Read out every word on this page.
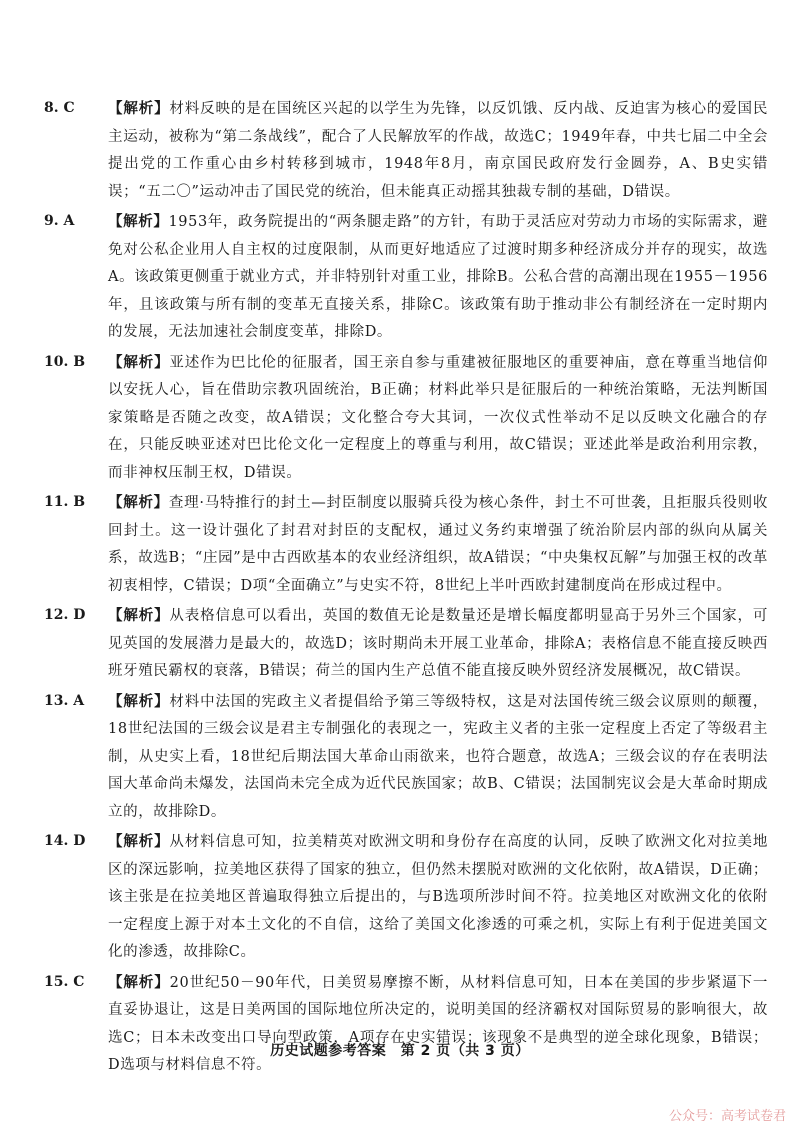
8. C	【解析】材料反映的是在国统区兴起的以学生为先锋，以反饥饿、反内战、反迫害为核心的爱国民主运动，被称为“第二条战线”，配合了人民解放军的作战，故选C；1949年春，中共七届二中全会提出党的工作重心由乡村转移到城市，1948年8月，南京国民政府发行金圆券，A、B史实错误；“五二〇”运动冲击了国民党的统治，但未能真正动摇其独裁专制的基础，D错误。
9. A	【解析】1953年，政务院提出的“两条腿走路”的方针，有助于灵活应对劳动力市场的实际需求，避免对公私企业用人自主权的过度限制，从而更好地适应了过渡时期多种经济成分并存的现实，故选A。该政策更侧重于就业方式，并非特别针对重工业，排除B。公私合营的高潮出现在1955－1956年，且该政策与所有制的变革无直接关系，排除C。该政策有助于推动非公有制经济在一定时期内的发展，无法加速社会制度变革，排除D。
10. B	【解析】亚述作为巴比伦的征服者，国王亲自参与重建被征服地区的重要神庙，意在尊重当地信仰以安抚人心，旨在借助宗教巩固统治，B正确；材料此举只是征服后的一种统治策略，无法判断国家策略是否随之改变，故A错误；文化整合夸大其词，一次仪式性举动不足以反映文化融合的存在，只能反映亚述对巴比伦文化一定程度上的尊重与利用，故C错误；亚述此举是政治利用宗教，而非神权压制王权，D错误。
11. B	【解析】查理·马特推行的封土—封臣制度以服骑兵役为核心条件，封土不可世袭，且拒服兵役则收回封土。这一设计强化了封君对封臣的支配权，通过义务约束增强了统治阶层内部的纵向从属关系，故选B；“庄园”是中古西欧基本的农业经济组织，故A错误；“中央集权瓦解”与加强王权的改革初衷相悖，C错误；D项“全面确立”与史实不符，8世纪上半叶西欧封建制度尚在形成过程中。
12. D	【解析】从表格信息可以看出，英国的数值无论是数量还是增长幅度都明显高于另外三个国家，可见英国的发展潜力是最大的，故选D；该时期尚未开展工业革命，排除A；表格信息不能直接反映西班牙殖民霸权的衰落，B错误；荷兰的国内生产总值不能直接反映外贸经济发展概况，故C错误。
13. A	【解析】材料中法国的宪政主义者提倡给予第三等级特权，这是对法国传统三级会议原则的颠覆，18世纪法国的三级会议是君主专制强化的表现之一，宪政主义者的主张一定程度上否定了等级君主制，从史实上看，18世纪后期法国大革命山雨欲来，也符合题意，故选A；三级会议的存在表明法国大革命尚未爆发，法国尚未完全成为近代民族国家；故B、C错误；法国制宪议会是大革命时期成立的，故排除D。
14. D	【解析】从材料信息可知，拉美精英对欧洲文明和身份存在高度的认同，反映了欧洲文化对拉美地区的深远影响，拉美地区获得了国家的独立，但仍然未摆脱对欧洲的文化依附，故A错误，D正确；该主张是在拉美地区普遍取得独立后提出的，与B选项所涉时间不符。拉美地区对欧洲文化的依附一定程度上源于对本土文化的不自信，这给了美国文化渗透的可乘之机，实际上有利于促进美国文化的渗透，故排除C。
15. C	【解析】20世纪50－90年代，日美贸易摩擦不断，从材料信息可知，日本在美国的步步紧逼下一直妥协退让，这是日美两国的国际地位所决定的，说明美国的经济霸权对国际贸易的影响很大，故选C；日本未改变出口导向型政策，A项存在史实错误；该现象不是典型的逆全球化现象，B错误；D选项与材料信息不符。
历史试题参考答案　第 2 页（共 3 页）
公众号：高考试卷君
